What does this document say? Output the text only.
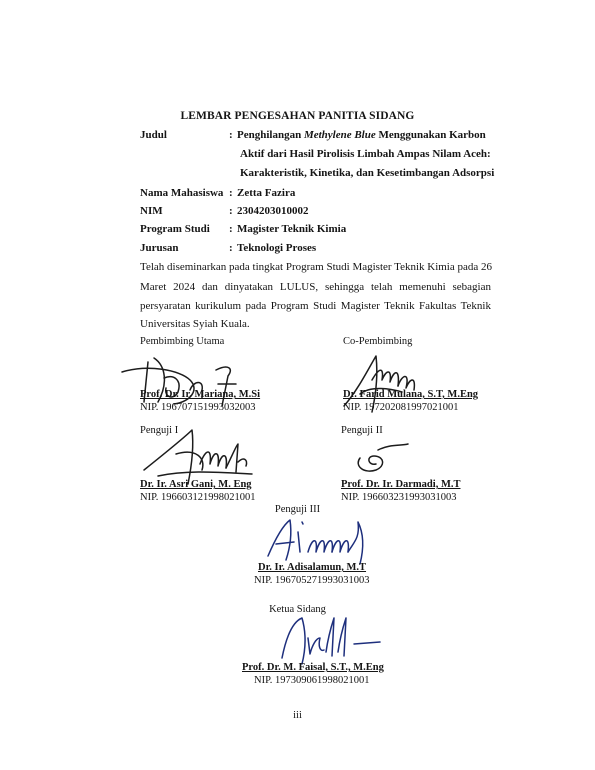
LEMBAR PENGESAHAN PANITIA SIDANG
Judul	: Penghilangan Methylene Blue Menggunakan Karbon
Aktif dari Hasil Pirolisis Limbah Ampas Nilam Aceh:
Karakteristik, Kinetika, dan Kesetimbangan Adsorpsi
Nama Mahasiswa : Zetta Fazira
NIM	: 2304203010002
Program Studi : Magister Teknik Kimia
Jurusan	: Teknologi Proses
Telah diseminarkan pada tingkat Program Studi Magister Teknik Kimia pada 26
Maret 2024 dan dinyatakan LULUS, sehingga telah memenuhi sebagian
persyaratan kurikulum pada Program Studi Magister Teknik Fakultas Teknik
Universitas Syiah Kuala.
Pembimbing Utama
Prof. Dr. Ir. Mariana, M.Si
NIP. 196707151993032003
Co-Pembimbing
Dr. Farid Mulana, S.T, M.Eng
NIP. 197202081997021001
Penguji I
Dr. Ir. Asri Gani, M. Eng
NIP. 196603121998021001
Penguji II
Prof. Dr. Ir. Darmadi, M.T
NIP. 196603231993031003
Penguji III
Dr. Ir. Adisalamun, M.T
NIP. 196705271993031003
Ketua Sidang
Prof. Dr. M. Faisal, S.T., M.Eng
NIP. 197309061998021001
iii
